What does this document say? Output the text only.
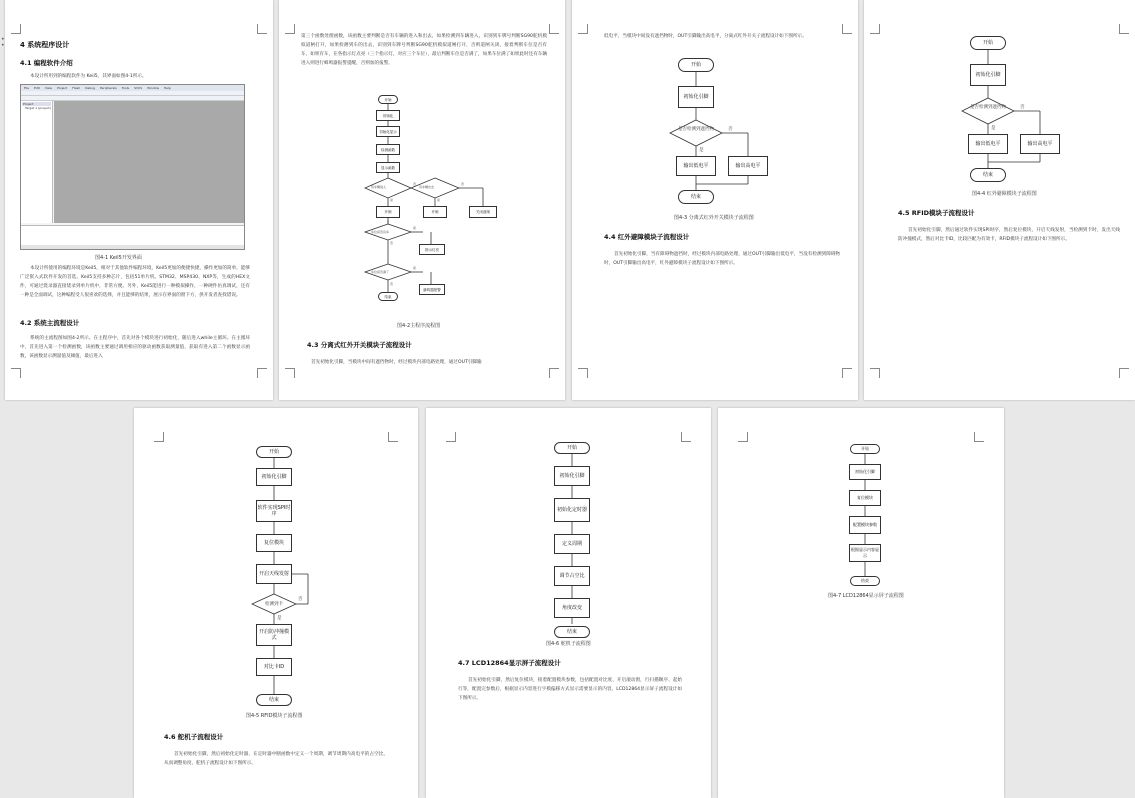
•
• 4 系统程序设计
4.1 编程软件介绍
本设计所用到的编程软件为 Keil5，其界面如图4-1所示。
File Edit View Project Flash Debug Peripherals Tools SVCS Window Help
Project
Target 1 (project)
图4-1 Keil5开发界面
本设计所使用的编程环境是Keil5，相对于其他软件编程环境，Keil5更加的便捷快捷，操作更加的简单，能够广泛嵌入式软件开发的首选。Keil5支持多种芯片，包括51单片机、STM32、MSP430、NXP等，生成的HEX文件，可通过烧录器直接烧录到单片机中，非常方便。另外，Keil5能进行一种模拟操作，一种硬件仿真调试，还有一种是全面调试，这种编程受人很喜欢的选择，并且能够的结果，展示在界面的窗下方，供开发者查找错误。
4.2 系统主流程设计
系统的主流程图如图4-2所示。在主程序中，首先对各个模块进行初始化，随后进入while主循环。在主循环中，首先进入第一个检测函数，该函数主要通过调用相应的驱动函数获取测量值，获取有进入第二个函数显示函数，该函数显示测量值及阈值，最后进入
第三个函数处理函数，该函数主要判断是否有车辆的进入和出去，如果检测到车辆进入，识别到车牌号判断SG90舵机模拟道闸打开，如果检测到车的出去，识别到车牌号判断SG90舵机模拟道闸打开，否则道闸关闭，接着判断车位是否有车，如果有车，在各指示灯点亮（三个指示灯，对应三个车位），最后判断车位是否满了，如果车位满了如果此时还有车辆进入则进行蜂鸣器报警提醒，否则加的报警。
开始
初始化
初始化显示
检测函数
显示函数
有车辆进入	有车辆出去
开闸	开闸	关闭道闸
车位是否有车
指示灯亮
车位是否满了
蜂鸣器报警
结束
是
否
是
否
是
否
是
否
图4-2主程序流程图
4.3 分离式红外开关模块子流程设计
首先初始化引脚，当模块中间有遮挡物时，经过模块内部电路处理，通过OUT引脚输
低电平，当模块中间没有遮挡物时，OUT引脚输出高电平，分离式红外开关子流程设计如下图所示。
开始
初始化引脚
是否检测到遮挡物
输出低电平	输出高电平
结束
是
否
图4-3 分离式红外开关模块子流程图
4.4 红外避障模块子流程设计
首先初始化引脚，当有障碍物遮挡时，经过模块内部电路处理，通过OUT引脚输出低电平，当没有检测到障碍物时，OUT引脚输出高电平，红外避障模块子流程设计如下图所示。
开始
初始化引脚
是否检测到遮挡物
输出低电平	输出高电平
结束
是
否
图4-4 红外避障模块子流程图
4.5 RFID模块子流程设计
首先初始化引脚，然后通过软件实现SPI时序，然后复位模块，开启天线发射，当检测到卡时，发出天线防冲撞模式，然后对比卡ID，比较匹配为有效卡，RFID模块子流程设计如下图所示。
开始
初始化引脚
软件实现SPI时序
复位模块
开启天线发射
检测到卡
开启防冲撞模式
对比卡ID
结束
是
否
图4-5 RFID模块子流程图
4.6 舵机子流程设计
首先初始化引脚，然后初始化定时器，在定时器中断函数中定义一个周期，调节周期内高电平的占空比，从而调整角度，舵机子流程设计如下图所示。
开始
初始化引脚
初始化定时器
定义周期
调节占空比
角度改变
结束
图4-6 舵机子流程图
4.7 LCD12864显示屏子流程设计
首先初始化引脚，然后复位模块，接着配置模块参数，包括配置对比度、开启滚动窗，行扫描顺序、起始行等，配置完参数后，根据显示内容进行字模偏移方式显示需要显示的内容，LCD12864显示屏子流程设计如下图所示。
开始
初始化引脚
复位模块
配置模块参数
根据显示内容显示
结束
图4-7 LCD12864显示屏子流程图
